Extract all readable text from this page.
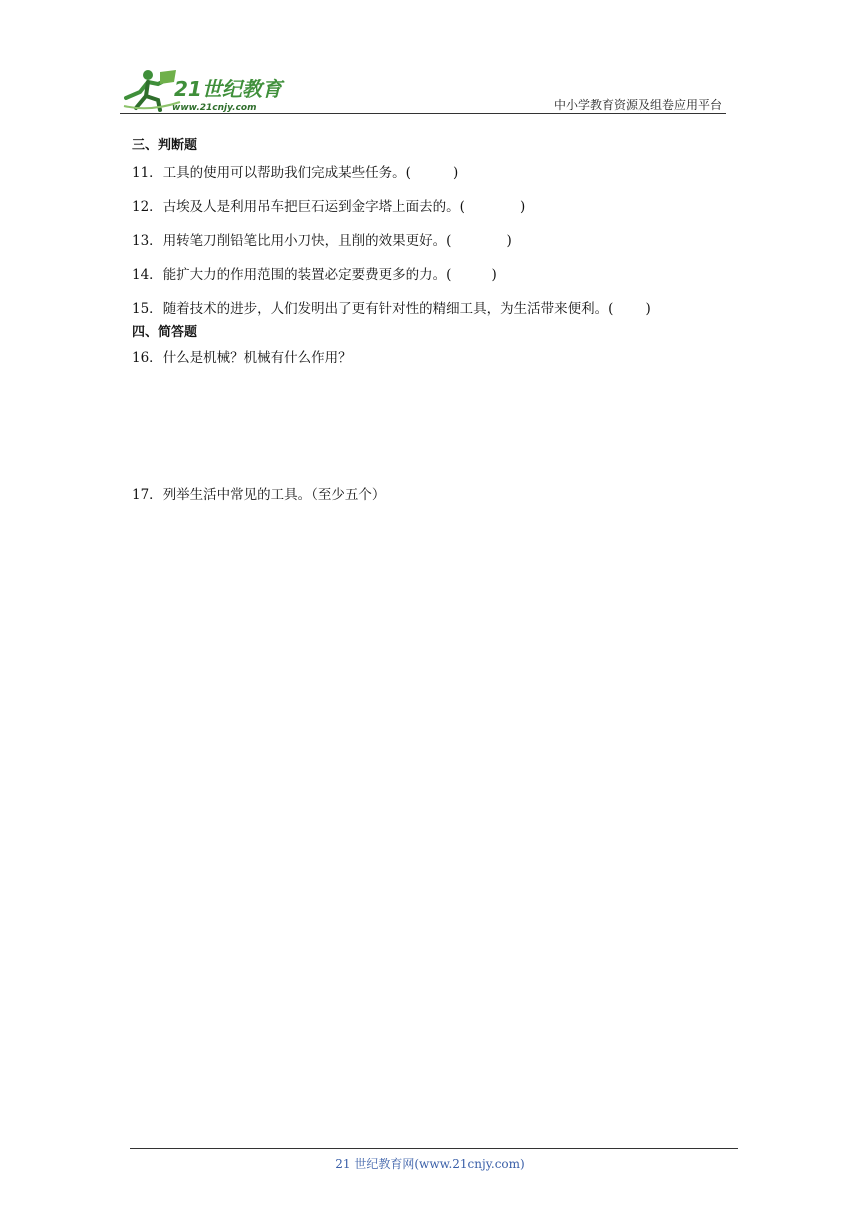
21世纪教育
www.21cnjy.com	中小学教育资源及组卷应用平台
三、判断题
11．工具的使用可以帮助我们完成某些任务。(	)
12．古埃及人是利用吊车把巨石运到金字塔上面去的。(	)
13．用转笔刀削铅笔比用小刀快，且削的效果更好。(	)
14．能扩大力的作用范围的装置必定要费更多的力。(	)
15．随着技术的进步，人们发明出了更有针对性的精细工具，为生活带来便利。( )
四、简答题
16．什么是机械？机械有什么作用？
17．列举生活中常见的工具。（至少五个）
21 世纪教育网(www.21cnjy.com)
